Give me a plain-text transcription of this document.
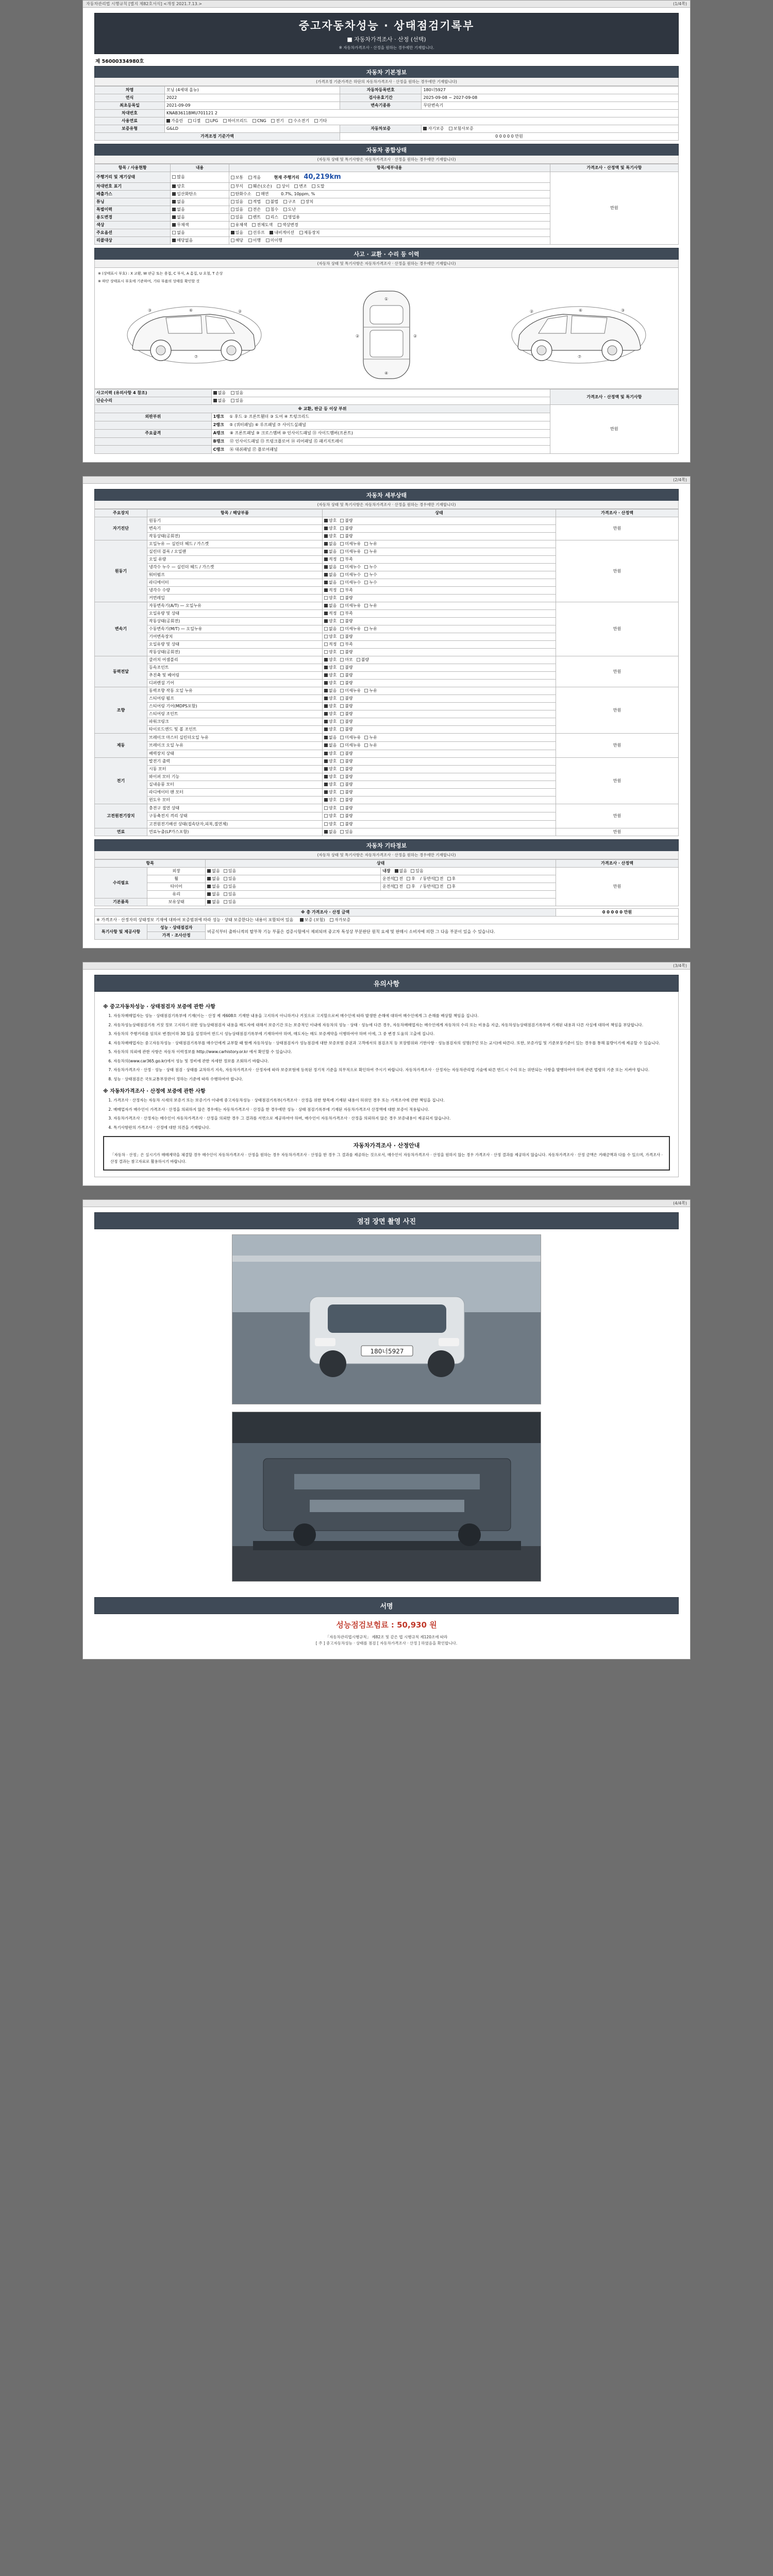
자동차관리법 시행규칙 [별지 제82호서식] <개정 2021.7.13.>	(1/4쪽)
중고자동차성능 · 상태점검기록부
■ 자동차가격조사 · 산정 (선택)
※ 자동차가격조사ㆍ산정을 원하는 경우에만 기재합니다.
제 56000334980호
자동차 기본정보
(가격조정 기준가격은 하단의 자동차가격조사 · 산정을 원하는 경우에만 기재합니다)
차명	모닝 (4세대 올뉴)	자동차등록번호	180너5927
연식	2022	검사유효기간	2025-09-08 ~ 2027-09-08
최초등록일	2021-09-09	변속기종류	무단변속기
차대번호	KNAB3611BMU701121 2		
사용연료	가솔린 디젤 LPG 하이브리드 CNG 전기 수소전기 기타		
보증유형	G&LD	자동차보증	자기보증 보험사보증
가격조정 기준가액		0 0 0 0 0 만원	
자동차 종합상태
(자동차 상태 및 특기사항은 자동차가격조사 · 산정을 원하는 경우에만 기재합니다)
항목 / 사용현황	내용	항목/세부내용	가격조사 · 산정액 및 특기사항
주행거리 및 계기상태	많음	보통 적음 현재 주행거리 40,219km	만원

차대번호 표기	양호	부식 훼손(오손) 상이 변조 도말	
배출가스	일산화탄소	탄화수소 매연 0.7%, 10ppm, %	
튜닝	없음	있음 적법 불법 구조 장치	
특별이력	없음	있음 전손 침수 도난	
용도변경	없음	있음 렌트 리스 영업용	
색상	무채색	유채색 전체도색 색상변경	
주요옵션	없음	있음 선루프 내비게이션 제동장치	
리콜대상	해당없음	해당 이행 미이행	
사고 · 교환 · 수리 등 이력
(자동차 상태 및 특기사항은 자동차가격조사 · 산정을 원하는 경우에만 기재합니다)
※ (상태표시 부호) : X 교환, W 판금 또는 용접, C 부식, A 흠집, U 요철, T 손상
※ 하단 상태표시 부호에 기준하여, 기타 부품의 상태를 확인할 것
③	⑥	②
⑦
①
④
②	②
③
⑥
②
⑦
사고이력 (유의사항 4 참조)	없음 있음	가격조사 · 산정액 및 특기사항
단순수리	없음 있음	
※ 교환, 판금 등 이상 부위		만원

외판부위	1랭크 ① 후드 ② 프론트휀더 ③ 도어 ④ 트렁크리드	
	2랭크 ⑤ (쿼터패널) ⑥ 루프패널 ⑦ 사이드실패널	
주요골격	A랭크 ⑧ 프론트패널 ⑨ 크로스멤버 ⑩ 인사이드패널 ⑪ 사이드멤버(프론트)	
	B랭크 ⑫ 인사이드패널 ⑬ 트렁크플로어 ⑭ 리어패널 ⑮ 패키지트레이	
	C랭크 ⑯ 대쉬패널 ⑰ 플로어패널	
(2/4쪽)
자동차 세부상태
(자동차 상태 및 특기사항은 자동차가격조사 · 산정을 원하는 경우에만 기재합니다)
주요장치	항목 / 해당부품	상태	가격조사 · 산정액
자기진단	원동기	양호 불량	만원

	변속기	양호 불량	
	작동상태(공회전)	양호 불량	
원동기	오일누유 — 실린더 헤드 / 가스켓	없음 미세누유 누유	만원

	실린더 블록 / 오일팬	없음 미세누유 누유	
	오일 유량	적정 부족	
	냉각수 누수 — 실린더 헤드 / 가스켓	없음 미세누수 누수	
	워터펌프	없음 미세누수 누수	
	라디에이터	없음 미세누수 누수	
	냉각수 수량	적정 부족	
	커먼레일	양호 불량	
변속기	자동변속기(A/T) — 오일누유	없음 미세누유 누유	만원

	오일유량 및 상태	적정 부족	
	작동상태(공회전)	양호 불량	
	수동변속기(M/T) — 오일누유	없음 미세누유 누유	
	기어변속장치	양호 불량	
	오일유량 및 상태	적정 부족	
	작동상태(공회전)	양호 불량	
동력전달	클러치 어셈블리	양호 마모 불량	만원

	등속조인트	양호 불량	
	추진축 및 베어링	양호 불량	
	디퍼렌셜 기어	양호 불량	
조향	동력조향 작동 오일 누유	없음 미세누유 누유	만원

	스티어링 펌프	양호 불량	
	스티어링 기어(MDPS포함)	양호 불량	
	스티어링 조인트	양호 불량	
	파워크링크	양호 불량	
	타이로드엔드 및 볼 조인트	양호 불량	
제동	브레이크 마스터 실린더오일 누유	없음 미세누유 누유	만원

	브레이크 오일 누유	없음 미세누유 누유	
	배력장치 상태	양호 불량	
전기	발전기 출력	양호 불량	만원

	시동 모터	양호 불량	
	와이퍼 모터 기능	양호 불량	
	실내송풍 모터	양호 불량	
	라디에이터 팬 모터	양호 불량	
	윈도우 모터	양호 불량	
고전원전기장치	충전구 절연 상태	양호 불량	만원

	구동축전지 격리 상태	양호 불량	
	고전원전기배선 상태(접속단자,피복,절연체)	양호 불량	
연료	연료누출(LP가스포함)	없음 있음	만원
자동차 기타정보
(자동차 상태 및 특기사항은 자동차가격조사 · 산정을 원하는 경우에만 기재합니다)
항목		상태		가격조사 · 산정액
수리필요	외장	없음 있음	내장 없음 있음	만원

	휠	없음 있음	운전석 전 후 / 동반석 전 후	
	타이어	없음 있음	운전석 전 후 / 동반석 전 후	
	유리	없음 있음		
기본품목	보유상태	없음 있음		
※ 총 가격조사 · 산정 금액			0 0 0 0 0 만원
※ 가격조사 · 산정자의 상태정보 기재에 대하여 보증범위에 따라 성능 · 상태 보증한다는 내용이 포함되어 있음 보증 (보험) 자가보증			
특기사항 및 제공사항	성능 · 상태점검자	비공식부터 출하니적의 탈부착 기능 부품은 검증시험에서 제외되며 중고차 특성상 부분판단 원칙 요세 및 판매시 소비자에 의한 그 다음 부분이 있을 수 있습니다.	
	가격 · 조사산정		
(3/4쪽)
유의사항
※ 중고자동차성능 · 상태점검자 보증에 관한 사항
1. 자동차매매업자는 성능 · 상태점검기록부에 기재(이는 · 산정 제 제608호 기재한 내용을 고지하지 아니하거나 거짓으로 고지할으로써 매수인에 따라 발생한 손해에 대하여 매수인에게 그 손해를 배상할 책임을 집니다.
2. 자동차성능상태점검기록 거짓 정보 고지하기 위한 성능상태점검자 내용을 매도자에 대해서 보증기간 또는 보증적인 이내에 자동차의 성능 · 상태 · 성능에 다른 경우, 자동차매매업자는 매수인에게 자동차의 수리 또는 비용을 지급, 자동차성능상태점검기록부에 기재된 내용과 다른 사실에 대하여 책임을 부담합니다.
3. 자동차의 주행거리를 임의로 변경(이하 30 일을 설정하여 반드시 성능상태점검기록부에 기재하여야 하며, 매도자는 매도 보증계약을 이행하여야 하며 이에, 그 중 변경 도움의 고출에 집니다.
4. 자동차매매업자는 중고자동차성능 · 상태점검기록부를 매수인에게 교부할 때 함께 자동차성능 · 상태점검자가 성능점검에 대한 보증보험 증권과 고객에서의 점검조치 등 보장범위와 기한사항 · 성능점검자의 성명(주민 또는 교시)에 따른다. 또한, 보증가입 및 기준보장기준이 있는 경우를 통해 물량이기에 제공할 수 있습니다.
5. 자동차의 의뢰에 관한 사항은 자동차 이력정보를 http://www.carhistory.or.kr 에서 확인할 수 있습니다.
6. 자동차의(www.car365.go.kr)에서 성능 및 정비에 관한 자세한 정보를 조회하기 바랍니다.
7. 자동차가격조사 · 산정 · 성능 · 상태 점검 · 상태를 교차하기 지속, 자동차가격조사 · 산정자에 따라 보증보험에 등록된 정기적 기준을 의무적으로 확인하여 주시기 바랍니다. 자동차가격조사 · 산정자는 자동차관리법 기술에 따른 반드시 수리 또는 위반되는 사항을 발행하여야 하며 관련 법령의 기준 또는 지켜야 합니다.
8. 성능 · 상태점검은 국토교통부장관이 정하는 기준에 따라 수행하여야 합니다.
※ 자동차가격조사 · 산정에 보증에 관한 사항
1. 가격조사 · 산정자는 자동차 시세의 보증기 또는 보증기가 이내에 중고자동차성능 · 상태점검기록부(가격조사 · 산정을 위한 항목에 기재된 내용이 허위인 경우 또는 가격조사에 관한 책임을 집니다.
2. 매매업자가 매수인이 가격조사 · 산정을 의뢰하지 않은 경우에는 자동차가격조사 · 산정을 한 경우에만 성능 · 상태 점검기록부에 기재된 자동차가격조사 산정액에 대한 보증이 적용됩니다.
3. 자동차가격조사 · 산정자는 매수인이 자동차가격조사 · 산정을 의뢰한 경우 그 결과를 서면으로 제공하여야 하며, 매수인이 자동차가격조사 · 산정을 의뢰하지 않은 경우 보증내용이 제공되지 않습니다.
4. 특기사항란의 가격조사 · 산정에 대한 의견을 기재합니다.
자동차가격조사 · 산정안내
「자동차 · 산정」은 실시기가 매매계약을 체결할 경우 매수인이 자동차가격조사 · 산정을 원하는 경우 자동차가격조사 · 산정을 한 경우 그 결과를 제공하는 것으로서, 매수인이 자동차가격조사 · 산정을 원하지 않는 경우 가격조사 · 산정 결과를 제공하지 않습니다. 자동차가격조사 · 산정 금액은 거래금액과 다를 수 있으며, 가격조사 · 산정 결과는 참고자료로 활용하시기 바랍니다.
(4/4쪽)
점검 장면 촬영 사진
180너5927
서명
성능점검보험료 : 50,930 원
「자동차관리법시행규칙」 제82조 및 같은 법 시행규칙 제120조에 따라
[ 주 ] 중고자동차성능 · 상태를 점검 [ 자동차가격조사 · 산정 ] 하였음을 확인합니다.
